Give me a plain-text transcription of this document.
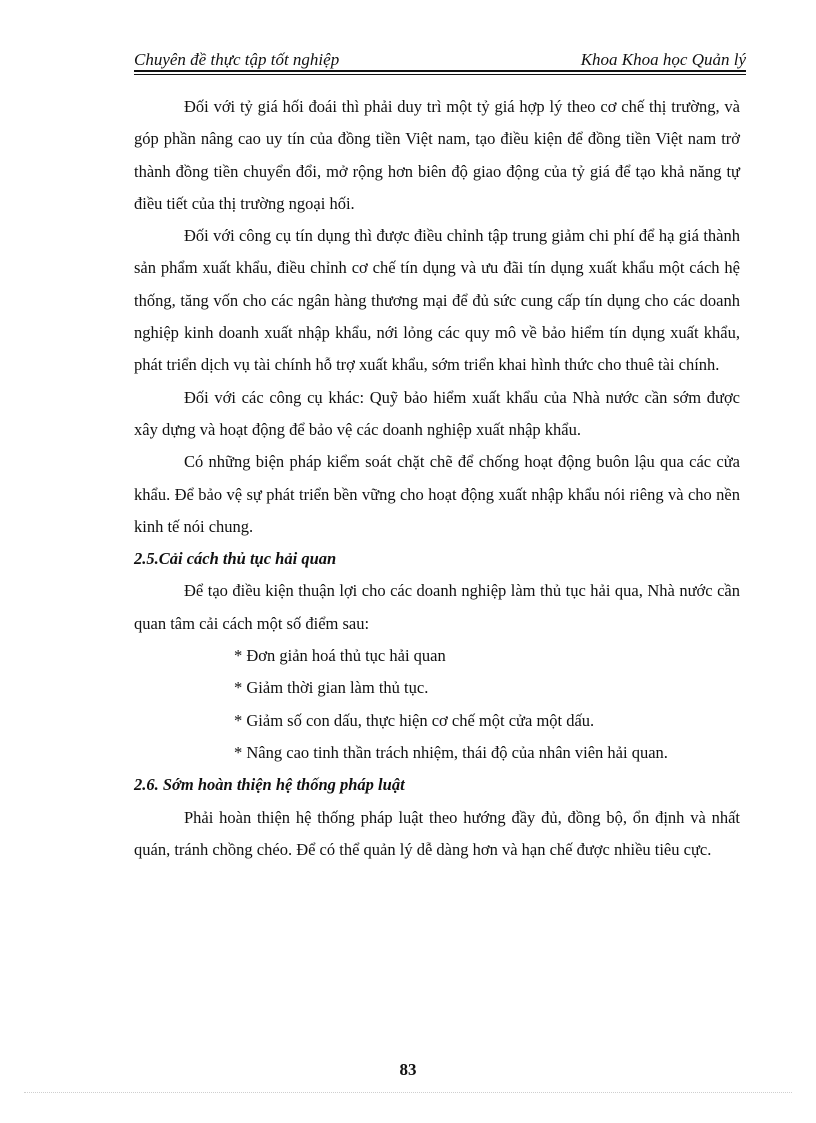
Chuyên đề thực tập tốt nghiệp	Khoa Khoa học Quản lý

Đối với tỷ giá hối đoái thì phải duy trì một tỷ giá hợp lý theo cơ chế thị trường, và góp phần nâng cao uy tín của đồng tiền Việt nam, tạo điều kiện để đồng tiền Việt nam trở thành đồng tiền chuyển đổi, mở rộng hơn biên độ giao động của tỷ giá để tạo khả năng tự điều tiết của thị trường ngoại hối.

Đối với công cụ tín dụng thì được điều chỉnh tập trung giảm chi phí để hạ giá thành sản phẩm xuất khẩu, điều chỉnh cơ chế tín dụng và ưu đãi tín dụng xuất khẩu một cách hệ thống, tăng vốn cho các ngân hàng thương mại để đủ sức cung cấp tín dụng cho các doanh nghiệp kinh doanh xuất nhập khẩu, nới lỏng các quy mô về bảo hiểm tín dụng xuất khẩu, phát triển dịch vụ tài chính hỗ trợ xuất khẩu, sớm triển khai hình thức cho thuê tài chính.

Đối với các công cụ khác: Quỹ bảo hiểm xuất khẩu của Nhà nước cần sớm được xây dựng và hoạt động để bảo vệ các doanh nghiệp xuất nhập khẩu.

Có những biện pháp kiểm soát chặt chẽ để chống hoạt động buôn lậu qua các cửa khẩu. Để bảo vệ sự phát triển bền vững cho hoạt động xuất nhập khẩu nói riêng và cho nền kinh tế nói chung.

2.5.Cải cách thủ tục hải quan

Để tạo điều kiện thuận lợi cho các doanh nghiệp làm thủ tục hải qua, Nhà nước cần quan tâm cải cách một số điểm sau:

* Đơn giản hoá thủ tục hải quan

* Giảm thời gian làm thủ tục.

* Giảm số con dấu, thực hiện cơ chế một cửa một dấu.

* Nâng cao tinh thần trách nhiệm, thái độ của nhân viên hải quan.

2.6. Sớm hoàn thiện hệ thống pháp luật

Phải hoàn thiện hệ thống pháp luật theo hướng đầy đủ, đồng bộ, ổn định và nhất quán, tránh chồng chéo. Để có thể quản lý dễ dàng hơn và hạn chế được nhiều tiêu cực.

83
